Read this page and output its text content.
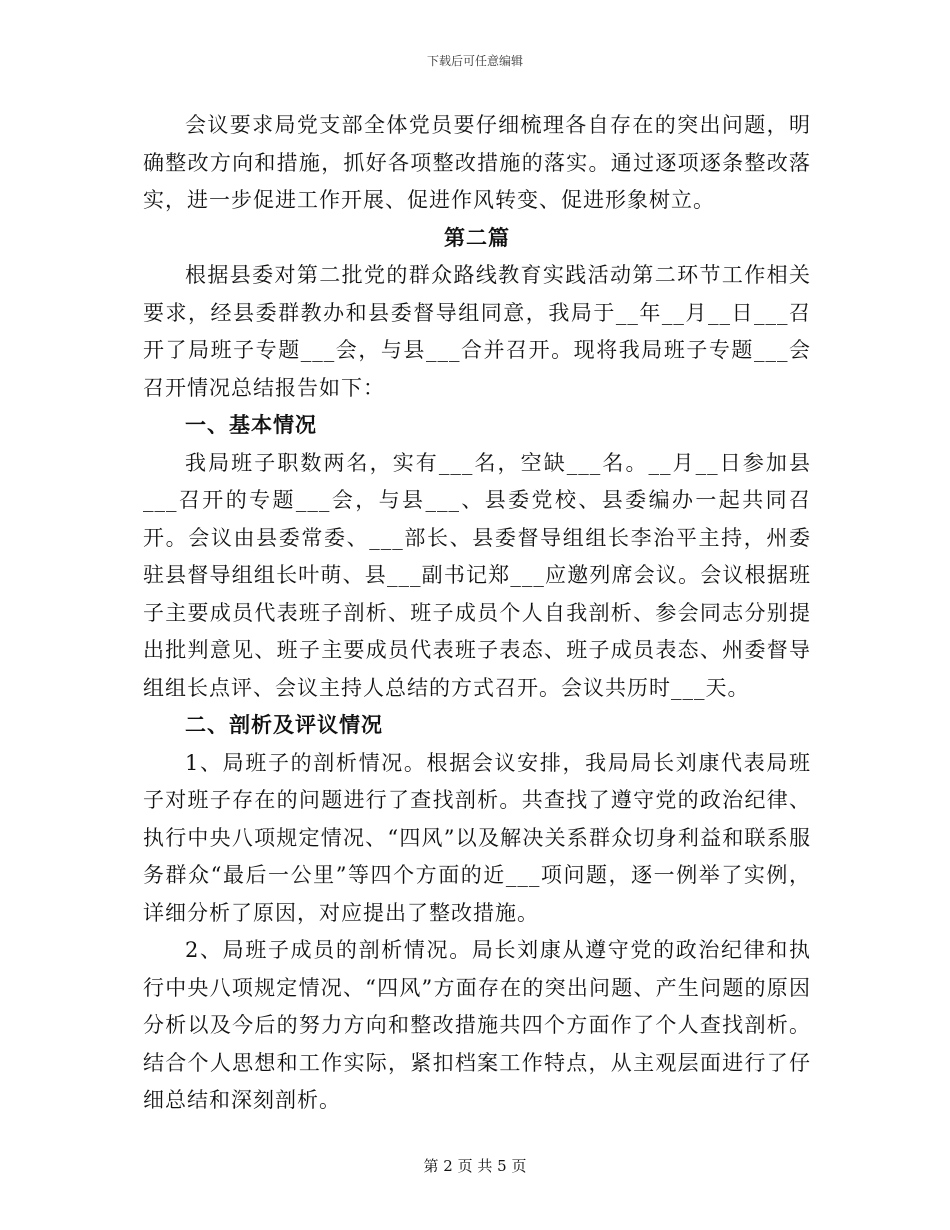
下载后可任意编辑

会议要求局党支部全体党员要仔细梳理各自存在的突出问题，明确整改方向和措施，抓好各项整改措施的落实。通过逐项逐条整改落实，进一步促进工作开展、促进作风转变、促进形象树立。

第二篇

根据县委对第二批党的群众路线教育实践活动第二环节工作相关要求，经县委群教办和县委督导组同意，我局于__年__月__日___召开了局班子专题___会，与县___合并召开。现将我局班子专题___会召开情况总结报告如下：

一、基本情况

我局班子职数两名，实有___名，空缺___名。__月__日参加县___召开的专题___会，与县___、县委党校、县委编办一起共同召开。会议由县委常委、___部长、县委督导组组长李治平主持，州委驻县督导组组长叶萌、县___副书记郑___应邀列席会议。会议根据班子主要成员代表班子剖析、班子成员个人自我剖析、参会同志分别提出批判意见、班子主要成员代表班子表态、班子成员表态、州委督导组组长点评、会议主持人总结的方式召开。会议共历时___天。

二、剖析及评议情况

1、局班子的剖析情况。根据会议安排，我局局长刘康代表局班子对班子存在的问题进行了查找剖析。共查找了遵守党的政治纪律、执行中央八项规定情况、“四风”以及解决关系群众切身利益和联系服务群众“最后一公里”等四个方面的近___项问题，逐一例举了实例，详细分析了原因，对应提出了整改措施。

2、局班子成员的剖析情况。局长刘康从遵守党的政治纪律和执行中央八项规定情况、“四风”方面存在的突出问题、产生问题的原因分析以及今后的努力方向和整改措施共四个方面作了个人查找剖析。结合个人思想和工作实际，紧扣档案工作特点，从主观层面进行了仔细总结和深刻剖析。

第 2 页 共 5 页
